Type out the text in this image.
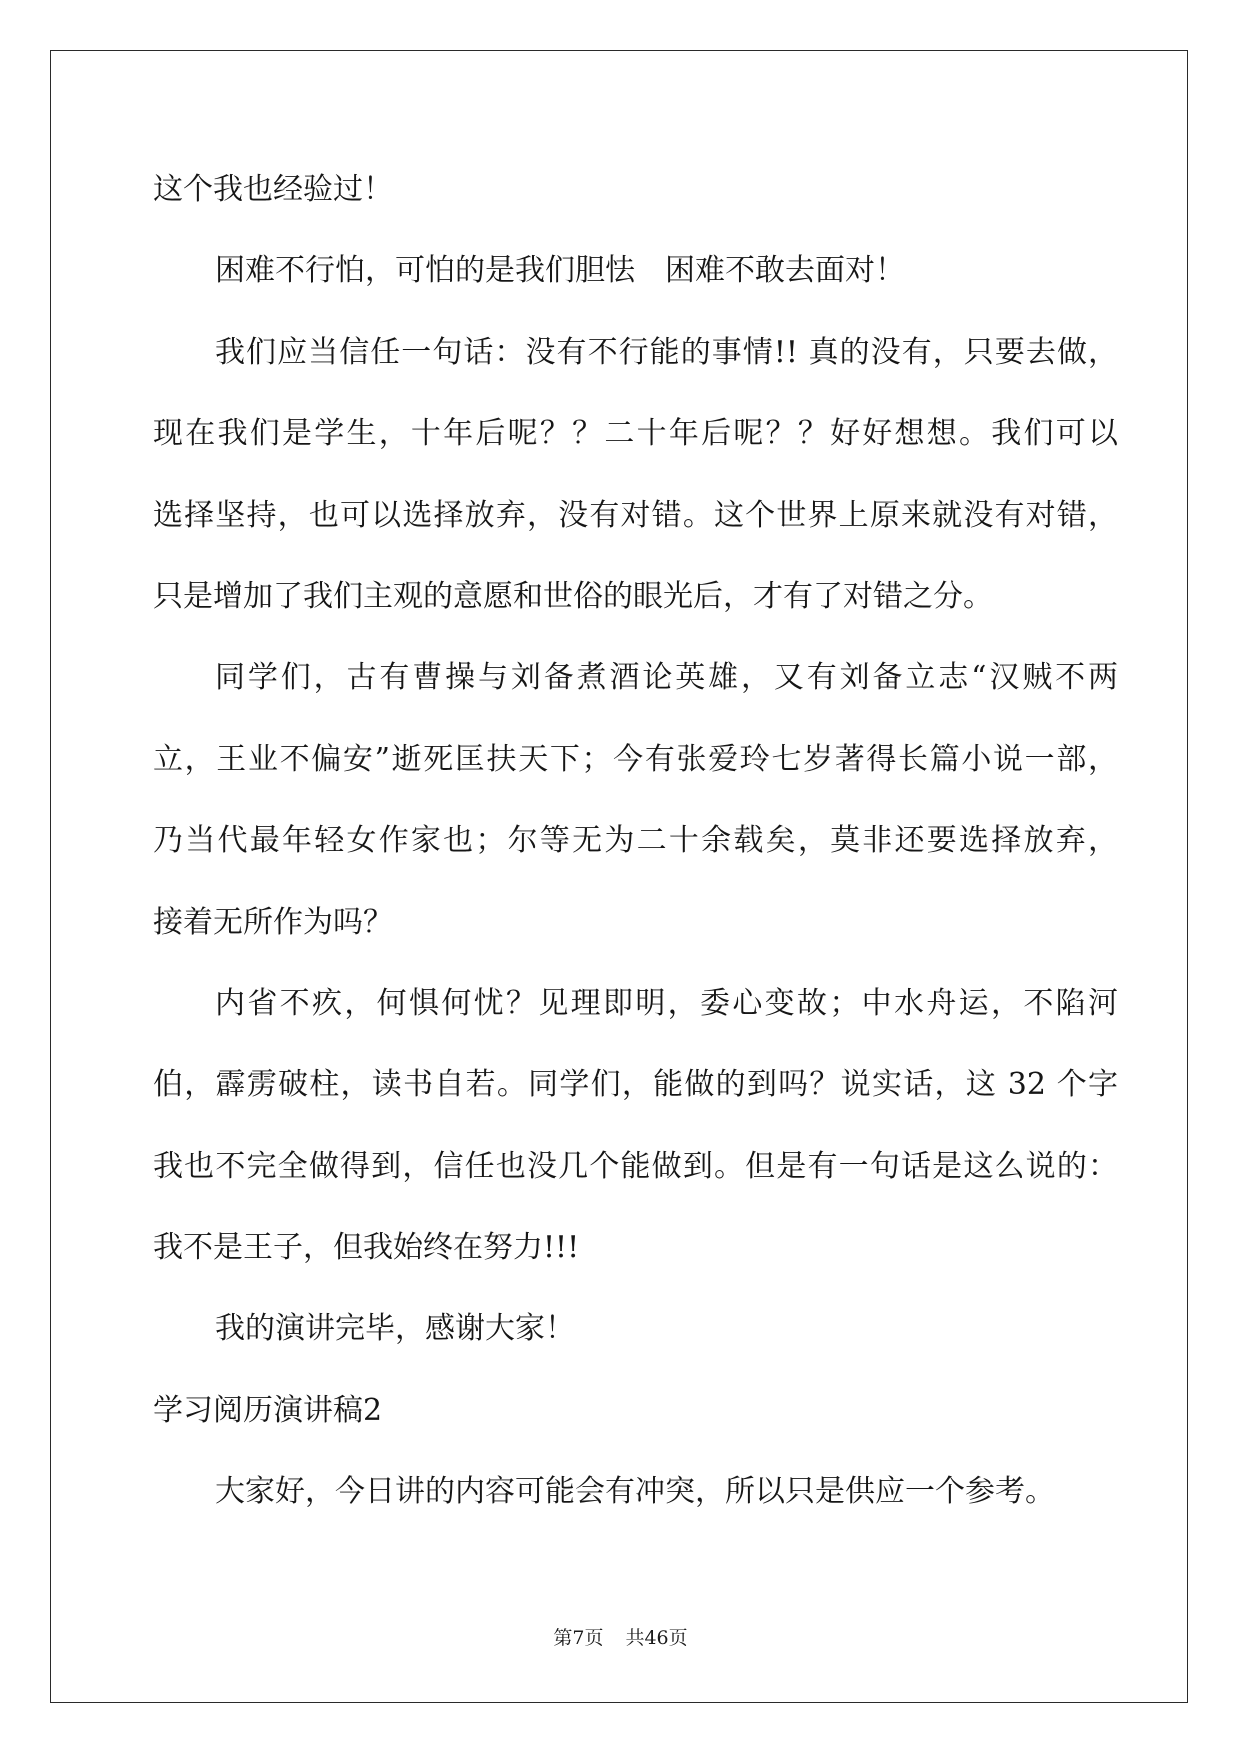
这个我也经验过！
困难不行怕，可怕的是我们胆怯　困难不敢去面对！
我们应当信任一句话：没有不行能的事情!! 真的没有，只要去做，
现在我们是学生，十年后呢？？二十年后呢？？好好想想。我们可以
选择坚持，也可以选择放弃，没有对错。这个世界上原来就没有对错，
只是增加了我们主观的意愿和世俗的眼光后，才有了对错之分。
同学们，古有曹操与刘备煮酒论英雄，又有刘备立志“汉贼不两
立，王业不偏安”逝死匡扶天下；今有张爱玲七岁著得长篇小说一部，
乃当代最年轻女作家也；尔等无为二十余载矣，莫非还要选择放弃，
接着无所作为吗？
内省不疚，何惧何忧？见理即明，委心变故；中水舟运，不陷河
伯，霹雳破柱，读书自若。同学们，能做的到吗？说实话，这 32 个字
我也不完全做得到，信任也没几个能做到。但是有一句话是这么说的：
我不是王子，但我始终在努力!!!
我的演讲完毕，感谢大家！
学习阅历演讲稿2
大家好，今日讲的内容可能会有冲突，所以只是供应一个参考。
第7页 共46页
